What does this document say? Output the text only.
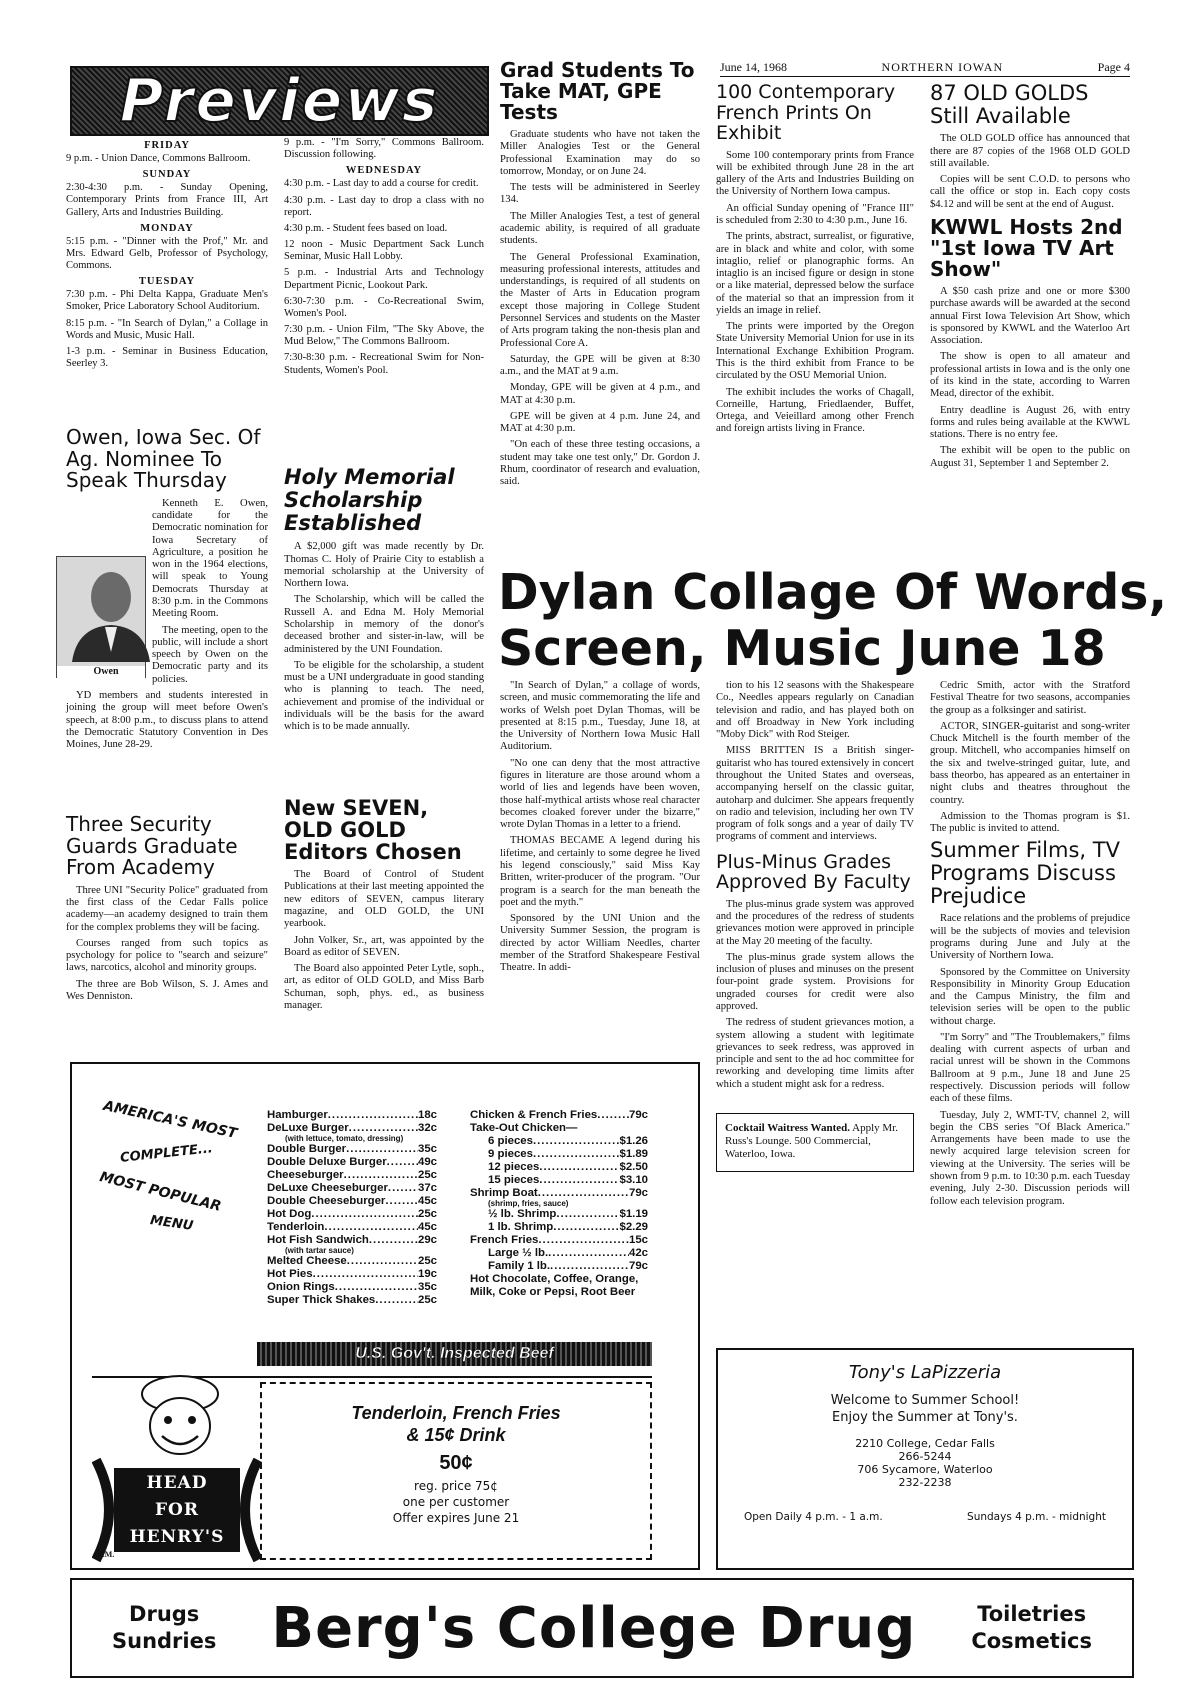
June 14, 1968	NORTHERN IOWAN	Page 4
Previews
FRIDAY
9 p.m. - Union Dance, Commons Ballroom.
SUNDAY
2:30-4:30 p.m. - Sunday Opening, Contemporary Prints from France III, Art Gallery, Arts and Industries Building.
MONDAY
5:15 p.m. - "Dinner with the Prof," Mr. and Mrs. Edward Gelb, Professor of Psychology, Commons.
TUESDAY
7:30 p.m. - Phi Delta Kappa, Graduate Men's Smoker, Price Laboratory School Auditorium.
8:15 p.m. - "In Search of Dylan," a Collage in Words and Music, Music Hall.
1-3 p.m. - Seminar in Business Education, Seerley 3.
9 p.m. - "I'm Sorry," Commons Ballroom. Discussion following.
WEDNESDAY
4:30 p.m. - Last day to add a course for credit.
4:30 p.m. - Last day to drop a class with no report.
4:30 p.m. - Student fees based on load.
12 noon - Music Department Sack Lunch Seminar, Music Hall Lobby.
5 p.m. - Industrial Arts and Technology Department Picnic, Lookout Park.
6:30-7:30 p.m. - Co-Recreational Swim, Women's Pool.
7:30 p.m. - Union Film, "The Sky Above, the Mud Below," The Commons Ballroom.
7:30-8:30 p.m. - Recreational Swim for Non-Students, Women's Pool.
Owen, Iowa Sec. Of Ag. Nominee To Speak Thursday

Owen
Kenneth E. Owen, candidate for the Democratic nomination for Iowa Secretary of Agriculture, a position he won in the 1964 elections, will speak to Young Democrats Thursday at 8:30 p.m. in the Commons Meeting Room.

The meeting, open to the public, will include a short speech by Owen on the Democratic party and its policies.

YD members and students interested in joining the group will meet before Owen's speech, at 8:00 p.m., to discuss plans to attend the Democratic Statutory Convention in Des Moines, June 28-29.

Three Security Guards Graduate From Academy

Three UNI "Security Police" graduated from the first class of the Cedar Falls police academy—an academy designed to train them for the complex problems they will be facing.

Courses ranged from such topics as psychology for police to "search and seizure" laws, narcotics, alcohol and minority groups.

The three are Bob Wilson, S. J. Ames and Wes Denniston.

Holy Memorial Scholarship Established

A $2,000 gift was made recently by Dr. Thomas C. Holy of Prairie City to establish a memorial scholarship at the University of Northern Iowa.

The Scholarship, which will be called the Russell A. and Edna M. Holy Memorial Scholarship in memory of the donor's deceased brother and sister-in-law, will be administered by the UNI Foundation.

To be eligible for the scholarship, a student must be a UNI undergraduate in good standing who is planning to teach. The need, achievement and promise of the individual or individuals will be the basis for the award which is to be made annually.

New SEVEN, OLD GOLD Editors Chosen

The Board of Control of Student Publications at their last meeting appointed the new editors of SEVEN, campus literary magazine, and OLD GOLD, the UNI yearbook.

John Volker, Sr., art, was appointed by the Board as editor of SEVEN.

The Board also appointed Peter Lytle, soph., art, as editor of OLD GOLD, and Miss Barb Schuman, soph, phys. ed., as business manager.

Grad Students To Take MAT, GPE Tests

Graduate students who have not taken the Miller Analogies Test or the General Professional Examination may do so tomorrow, Monday, or on June 24.

The tests will be administered in Seerley 134.

The Miller Analogies Test, a test of general academic ability, is required of all graduate students.

The General Professional Examination, measuring professional interests, attitudes and understandings, is required of all students on the Master of Arts in Education program except those majoring in College Student Personnel Services and students on the Master of Arts program taking the non-thesis plan and Professional Core A.

Saturday, the GPE will be given at 8:30 a.m., and the MAT at 9 a.m.

Monday, GPE will be given at 4 p.m., and MAT at 4:30 p.m.

GPE will be given at 4 p.m. June 24, and MAT at 4:30 p.m.

"On each of these three testing occasions, a student may take one test only," Dr. Gordon J. Rhum, coordinator of research and evaluation, said.

100 Contemporary French Prints On Exhibit

Some 100 contemporary prints from France will be exhibited through June 28 in the art gallery of the Arts and Industries Building on the University of Northern Iowa campus.

An official Sunday opening of "France III" is scheduled from 2:30 to 4:30 p.m., June 16.

The prints, abstract, surrealist, or figurative, are in black and white and color, with some intaglio, relief or planographic forms. An intaglio is an incised figure or design in stone or a like material, depressed below the surface of the material so that an impression from it yields an image in relief.

The prints were imported by the Oregon State University Memorial Union for use in its International Exchange Exhibition Program. This is the third exhibit from France to be circulated by the OSU Memorial Union.

The exhibit includes the works of Chagall, Corneille, Hartung, Friedlaender, Buffet, Ortega, and Veieillard among other French and foreign artists living in France.

87 OLD GOLDS Still Available

The OLD GOLD office has announced that there are 87 copies of the 1968 OLD GOLD still available.

Copies will be sent C.O.D. to persons who call the office or stop in. Each copy costs $4.12 and will be sent at the end of August.

KWWL Hosts 2nd "1st Iowa TV Art Show"

A $50 cash prize and one or more $300 purchase awards will be awarded at the second annual First Iowa Television Art Show, which is sponsored by KWWL and the Waterloo Art Association.

The show is open to all amateur and professional artists in Iowa and is the only one of its kind in the state, according to Warren Mead, director of the exhibit.

Entry deadline is August 26, with entry forms and rules being available at the KWWL stations. There is no entry fee.

The exhibit will be open to the public on August 31, September 1 and September 2.

Dylan Collage Of Words,
Screen, Music June 18

"In Search of Dylan," a collage of words, screen, and music commemorating the life and works of Welsh poet Dylan Thomas, will be presented at 8:15 p.m., Tuesday, June 18, at the University of Northern Iowa Music Hall Auditorium.

"No one can deny that the most attractive figures in literature are those around whom a world of lies and legends have been woven, those half-mythical artists whose real character becomes cloaked forever under the bizarre," wrote Dylan Thomas in a letter to a friend.

THOMAS BECAME A legend during his lifetime, and certainly to some degree he lived his legend consciously," said Miss Kay Britten, writer-producer of the program. "Our program is a search for the man beneath the poet and the myth."

Sponsored by the UNI Union and the University Summer Session, the program is directed by actor William Needles, charter member of the Stratford Shakespeare Festival Theatre. In addi-

tion to his 12 seasons with the Shakespeare Co., Needles appears regularly on Canadian television and radio, and has played both on and off Broadway in New York including "Moby Dick" with Rod Steiger.

MISS BRITTEN IS a British singer-guitarist who has toured extensively in concert throughout the United States and overseas, accompanying herself on the classic guitar, autoharp and dulcimer. She appears frequently on radio and television, including her own TV program of folk songs and a year of daily TV programs of comment and interviews.

Plus-Minus Grades Approved By Faculty

The plus-minus grade system was approved and the procedures of the redress of students grievances motion were approved in principle at the May 20 meeting of the faculty.

The plus-minus grade system allows the inclusion of pluses and minuses on the present four-point grade system. Provisions for ungraded courses for credit were also approved.

The redress of student grievances motion, a system allowing a student with legitimate grievances to seek redress, was approved in principle and sent to the ad hoc committee for reworking and developing time limits after which a student might ask for a redress.

Cocktail Waitress Wanted. Apply Mr. Russ's Lounge. 500 Commercial, Waterloo, Iowa.

Cedric Smith, actor with the Stratford Festival Theatre for two seasons, accompanies the group as a folksinger and satirist.

ACTOR, SINGER-guitarist and song-writer Chuck Mitchell is the fourth member of the group. Mitchell, who accompanies himself on the six and twelve-stringed guitar, lute, and bass theorbo, has appeared as an entertainer in night clubs and theatres throughout the country.

Admission to the Thomas program is $1. The public is invited to attend.

Summer Films, TV Programs Discuss Prejudice

Race relations and the problems of prejudice will be the subjects of movies and television programs during June and July at the University of Northern Iowa.

Sponsored by the Committee on University Responsibility in Minority Group Education and the Campus Ministry, the film and television series will be open to the public without charge.

"I'm Sorry" and "The Troublemakers," films dealing with current aspects of urban and racial unrest will be shown in the Commons Ballroom at 9 p.m., June 18 and June 25 respectively. Discussion periods will follow each of these films.

Tuesday, July 2, WMT-TV, channel 2, will begin the CBS series "Of Black America." Arrangements have been made to use the newly acquired large television screen for viewing at the University. The series will be shown from 9 p.m. to 10:30 p.m. each Tuesday evening, July 2-30. Discussion periods will follow each television program.

AMERICA'S MOST
COMPLETE...
MOST POPULAR
MENU
Hamburger .....	18c
DeLuxe Burger .....	32c
(with lettuce, tomato, dressing)
Double Burger .....	35c
Double Deluxe Burger .....	49c
Cheeseburger .....	25c
DeLuxe Cheeseburger .....	37c
Double Cheeseburger .....	45c
Hot Dog .....	25c
Tenderloin .....	45c
Hot Fish Sandwich .....	29c
(with tartar sauce)
Melted Cheese .....	25c
Hot Pies .....	19c
Onion Rings .....	35c
Super Thick Shakes .....	25c
Chicken & French Fries .....	79c
Take-Out Chicken—
6 pieces .....	$1.26
9 pieces .....	$1.89
12 pieces .....	$2.50
15 pieces .....	$3.10
Shrimp Boat .....	79c
(shrimp, fries, sauce)
½ lb. Shrimp .....	$1.19
1 lb. Shrimp .....	$2.29
French Fries .....	15c
Large ½ lb. .....	42c
Family 1 lb. .....	79c
Hot Chocolate, Coffee, Orange,
Milk, Coke or Pepsi, Root Beer
U.S. Gov't. Inspected Beef
HEAD
FOR
HENRY'S
T.M.
Tenderloin, French Fries
& 15¢ Drink
50¢
reg. price 75¢
one per customer
Offer expires June 21
Tony's LaPizzeria
Welcome to Summer School!
Enjoy the Summer at Tony's.
2210 College, Cedar Falls
266-5244
706 Sycamore, Waterloo
232-2238
Open Daily 4 p.m. - 1 a.m.	Sundays 4 p.m. - midnight
Drugs
Sundries Berg's College Drug	Toiletries
Cosmetics
